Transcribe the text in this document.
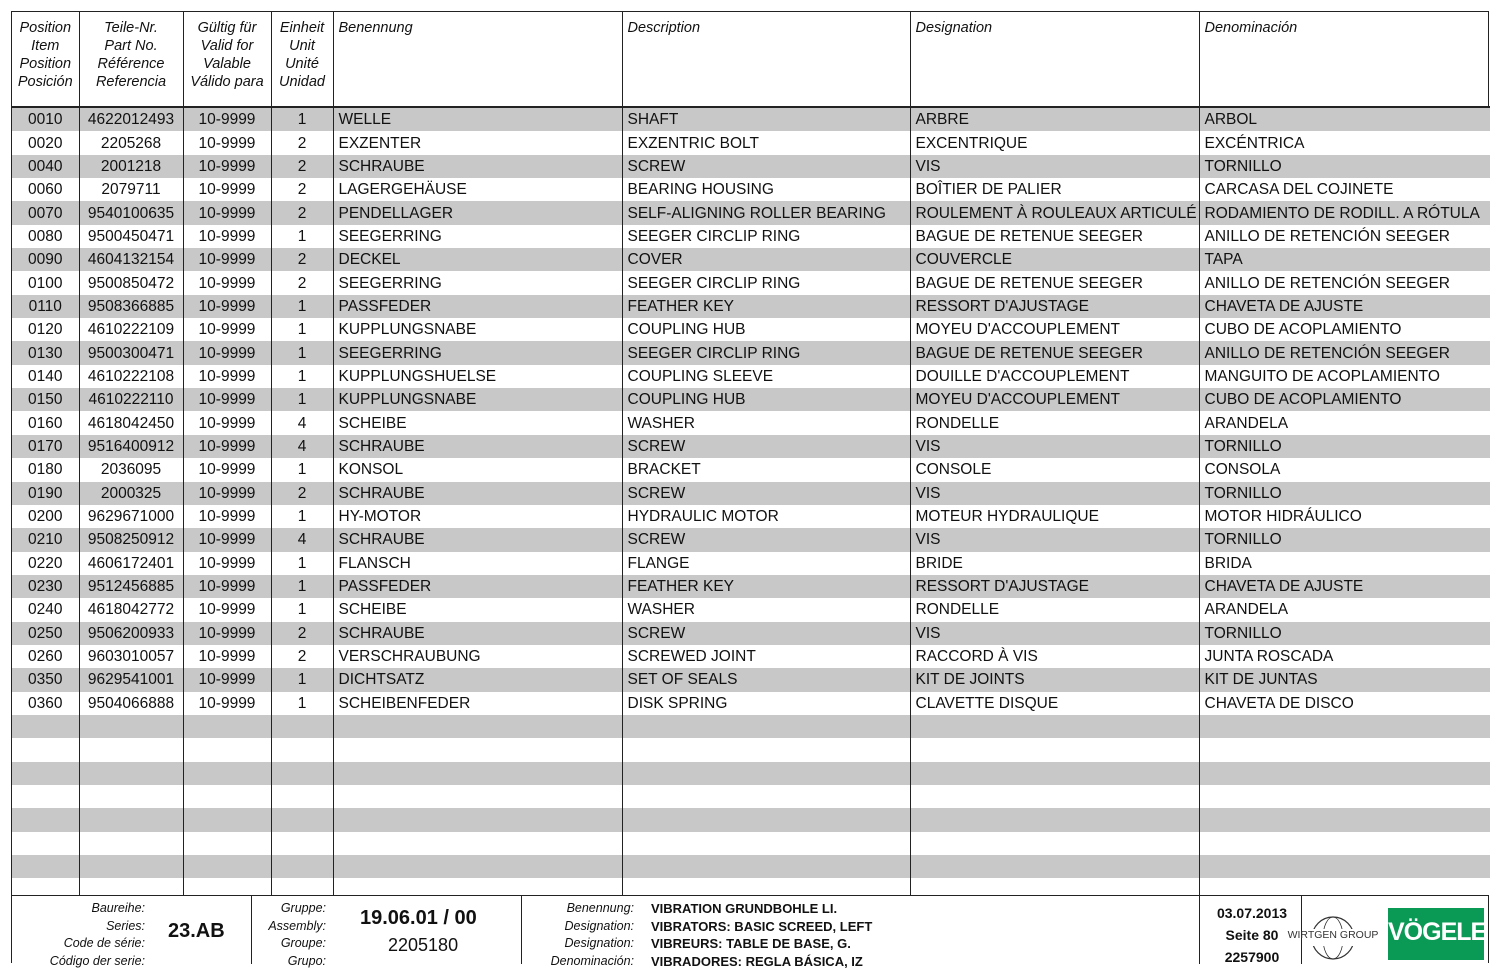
Position
Item
Position
Posición	Teile-Nr.
Part No.
Référence
Referencia	Gültig für
Valid for
Valable
Válido para	Einheit
Unit
Unité
Unidad	Benennung	Description	Designation	Denominación
0010	4622012493	10-9999	1	WELLE	SHAFT	ARBRE	ARBOL
0020	2205268	10-9999	2	EXZENTER	EXZENTRIC BOLT	EXCENTRIQUE	EXCÉNTRICA
0040	2001218	10-9999	2	SCHRAUBE	SCREW	VIS	TORNILLO
0060	2079711	10-9999	2	LAGERGEHÄUSE	BEARING HOUSING	BOÎTIER DE PALIER	CARCASA DEL COJINETE
0070	9540100635	10-9999	2	PENDELLAGER	SELF-ALIGNING ROLLER BEARING	ROULEMENT À ROULEAUX ARTICULÉ	RODAMIENTO DE RODILL. A RÓTULA
0080	9500450471	10-9999	1	SEEGERRING	SEEGER CIRCLIP RING	BAGUE DE RETENUE SEEGER	ANILLO DE RETENCIÓN SEEGER
0090	4604132154	10-9999	2	DECKEL	COVER	COUVERCLE	TAPA
0100	9500850472	10-9999	2	SEEGERRING	SEEGER CIRCLIP RING	BAGUE DE RETENUE SEEGER	ANILLO DE RETENCIÓN SEEGER
0110	9508366885	10-9999	1	PASSFEDER	FEATHER KEY	RESSORT D'AJUSTAGE	CHAVETA DE AJUSTE
0120	4610222109	10-9999	1	KUPPLUNGSNABE	COUPLING HUB	MOYEU D'ACCOUPLEMENT	CUBO DE ACOPLAMIENTO
0130	9500300471	10-9999	1	SEEGERRING	SEEGER CIRCLIP RING	BAGUE DE RETENUE SEEGER	ANILLO DE RETENCIÓN SEEGER
0140	4610222108	10-9999	1	KUPPLUNGSHUELSE	COUPLING SLEEVE	DOUILLE D'ACCOUPLEMENT	MANGUITO DE ACOPLAMIENTO
0150	4610222110	10-9999	1	KUPPLUNGSNABE	COUPLING HUB	MOYEU D'ACCOUPLEMENT	CUBO DE ACOPLAMIENTO
0160	4618042450	10-9999	4	SCHEIBE	WASHER	RONDELLE	ARANDELA
0170	9516400912	10-9999	4	SCHRAUBE	SCREW	VIS	TORNILLO
0180	2036095	10-9999	1	KONSOL	BRACKET	CONSOLE	CONSOLA
0190	2000325	10-9999	2	SCHRAUBE	SCREW	VIS	TORNILLO
0200	9629671000	10-9999	1	HY-MOTOR	HYDRAULIC MOTOR	MOTEUR HYDRAULIQUE	MOTOR HIDRÁULICO
0210	9508250912	10-9999	4	SCHRAUBE	SCREW	VIS	TORNILLO
0220	4606172401	10-9999	1	FLANSCH	FLANGE	BRIDE	BRIDA
0230	9512456885	10-9999	1	PASSFEDER	FEATHER KEY	RESSORT D'AJUSTAGE	CHAVETA DE AJUSTE
0240	4618042772	10-9999	1	SCHEIBE	WASHER	RONDELLE	ARANDELA
0250	9506200933	10-9999	2	SCHRAUBE	SCREW	VIS	TORNILLO
0260	9603010057	10-9999	2	VERSCHRAUBUNG	SCREWED JOINT	RACCORD À VIS	JUNTA ROSCADA
0350	9629541001	10-9999	1	DICHTSATZ	SET OF SEALS	KIT DE JOINTS	KIT DE JUNTAS
0360	9504066888	10-9999	1	SCHEIBENFEDER	DISK SPRING	CLAVETTE DISQUE	CHAVETA DE DISCO

Baureihe:
Series:
Code de série:
Código der serie:
23.AB
Gruppe:
Assembly:
Groupe:
Grupo:
19.06.01 / 00
2205180
Benennung:
Designation:
Designation:
Denominación:
VIBRATION GRUNDBOHLE LI.
VIBRATORS: BASIC SCREED, LEFT
VIBREURS: TABLE DE BASE, G.
VIBRADORES: REGLA BÁSICA, IZ
03.07.2013
Seite 80
2257900
WIRTGEN GROUP VÖGELE
